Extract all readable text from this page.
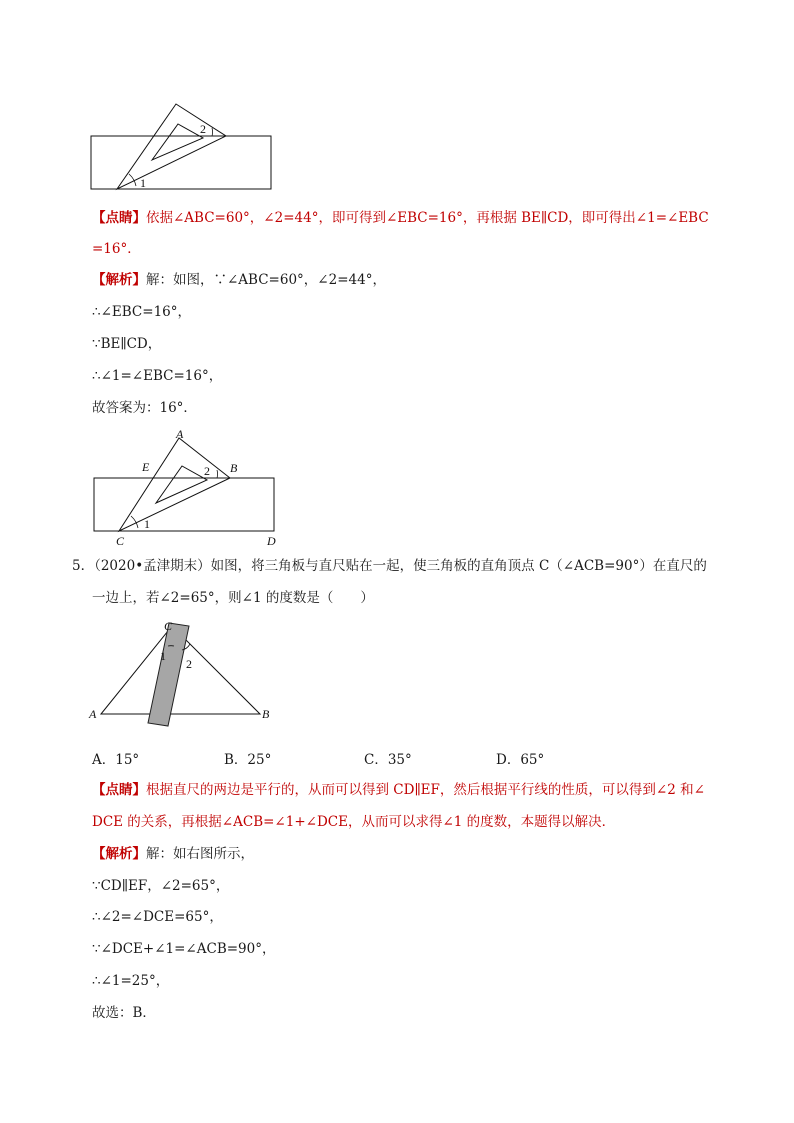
1
2
【点睛】依据∠ABC=60°，∠2=44°，即可得到∠EBC=16°，再根据 BE∥CD，即可得出∠1=∠EBC
=16°．
【解析】解：如图，∵∠ABC=60°，∠2=44°，
∴∠EBC=16°，
∵BE∥CD，
∴∠1=∠EBC=16°，
故答案为：16°．
A
B
C	D
E
1
2
5．（2020•孟津期末）如图，将三角板与直尺贴在一起，使三角板的直角顶点 C（∠ACB=90°）在直尺的
一边上，若∠2=65°，则∠1 的度数是（　　）
C
A	B
1
2
A．15°	B．25°	C．35°	D．65°
【点睛】根据直尺的两边是平行的，从而可以得到 CD∥EF，然后根据平行线的性质，可以得到∠2 和∠
DCE 的关系，再根据∠ACB=∠1+∠DCE，从而可以求得∠1 的度数，本题得以解决．
【解析】解：如右图所示，
∵CD∥EF，∠2=65°，
∴∠2=∠DCE=65°，
∵∠DCE+∠1=∠ACB=90°，
∴∠1=25°，
故选：B．
